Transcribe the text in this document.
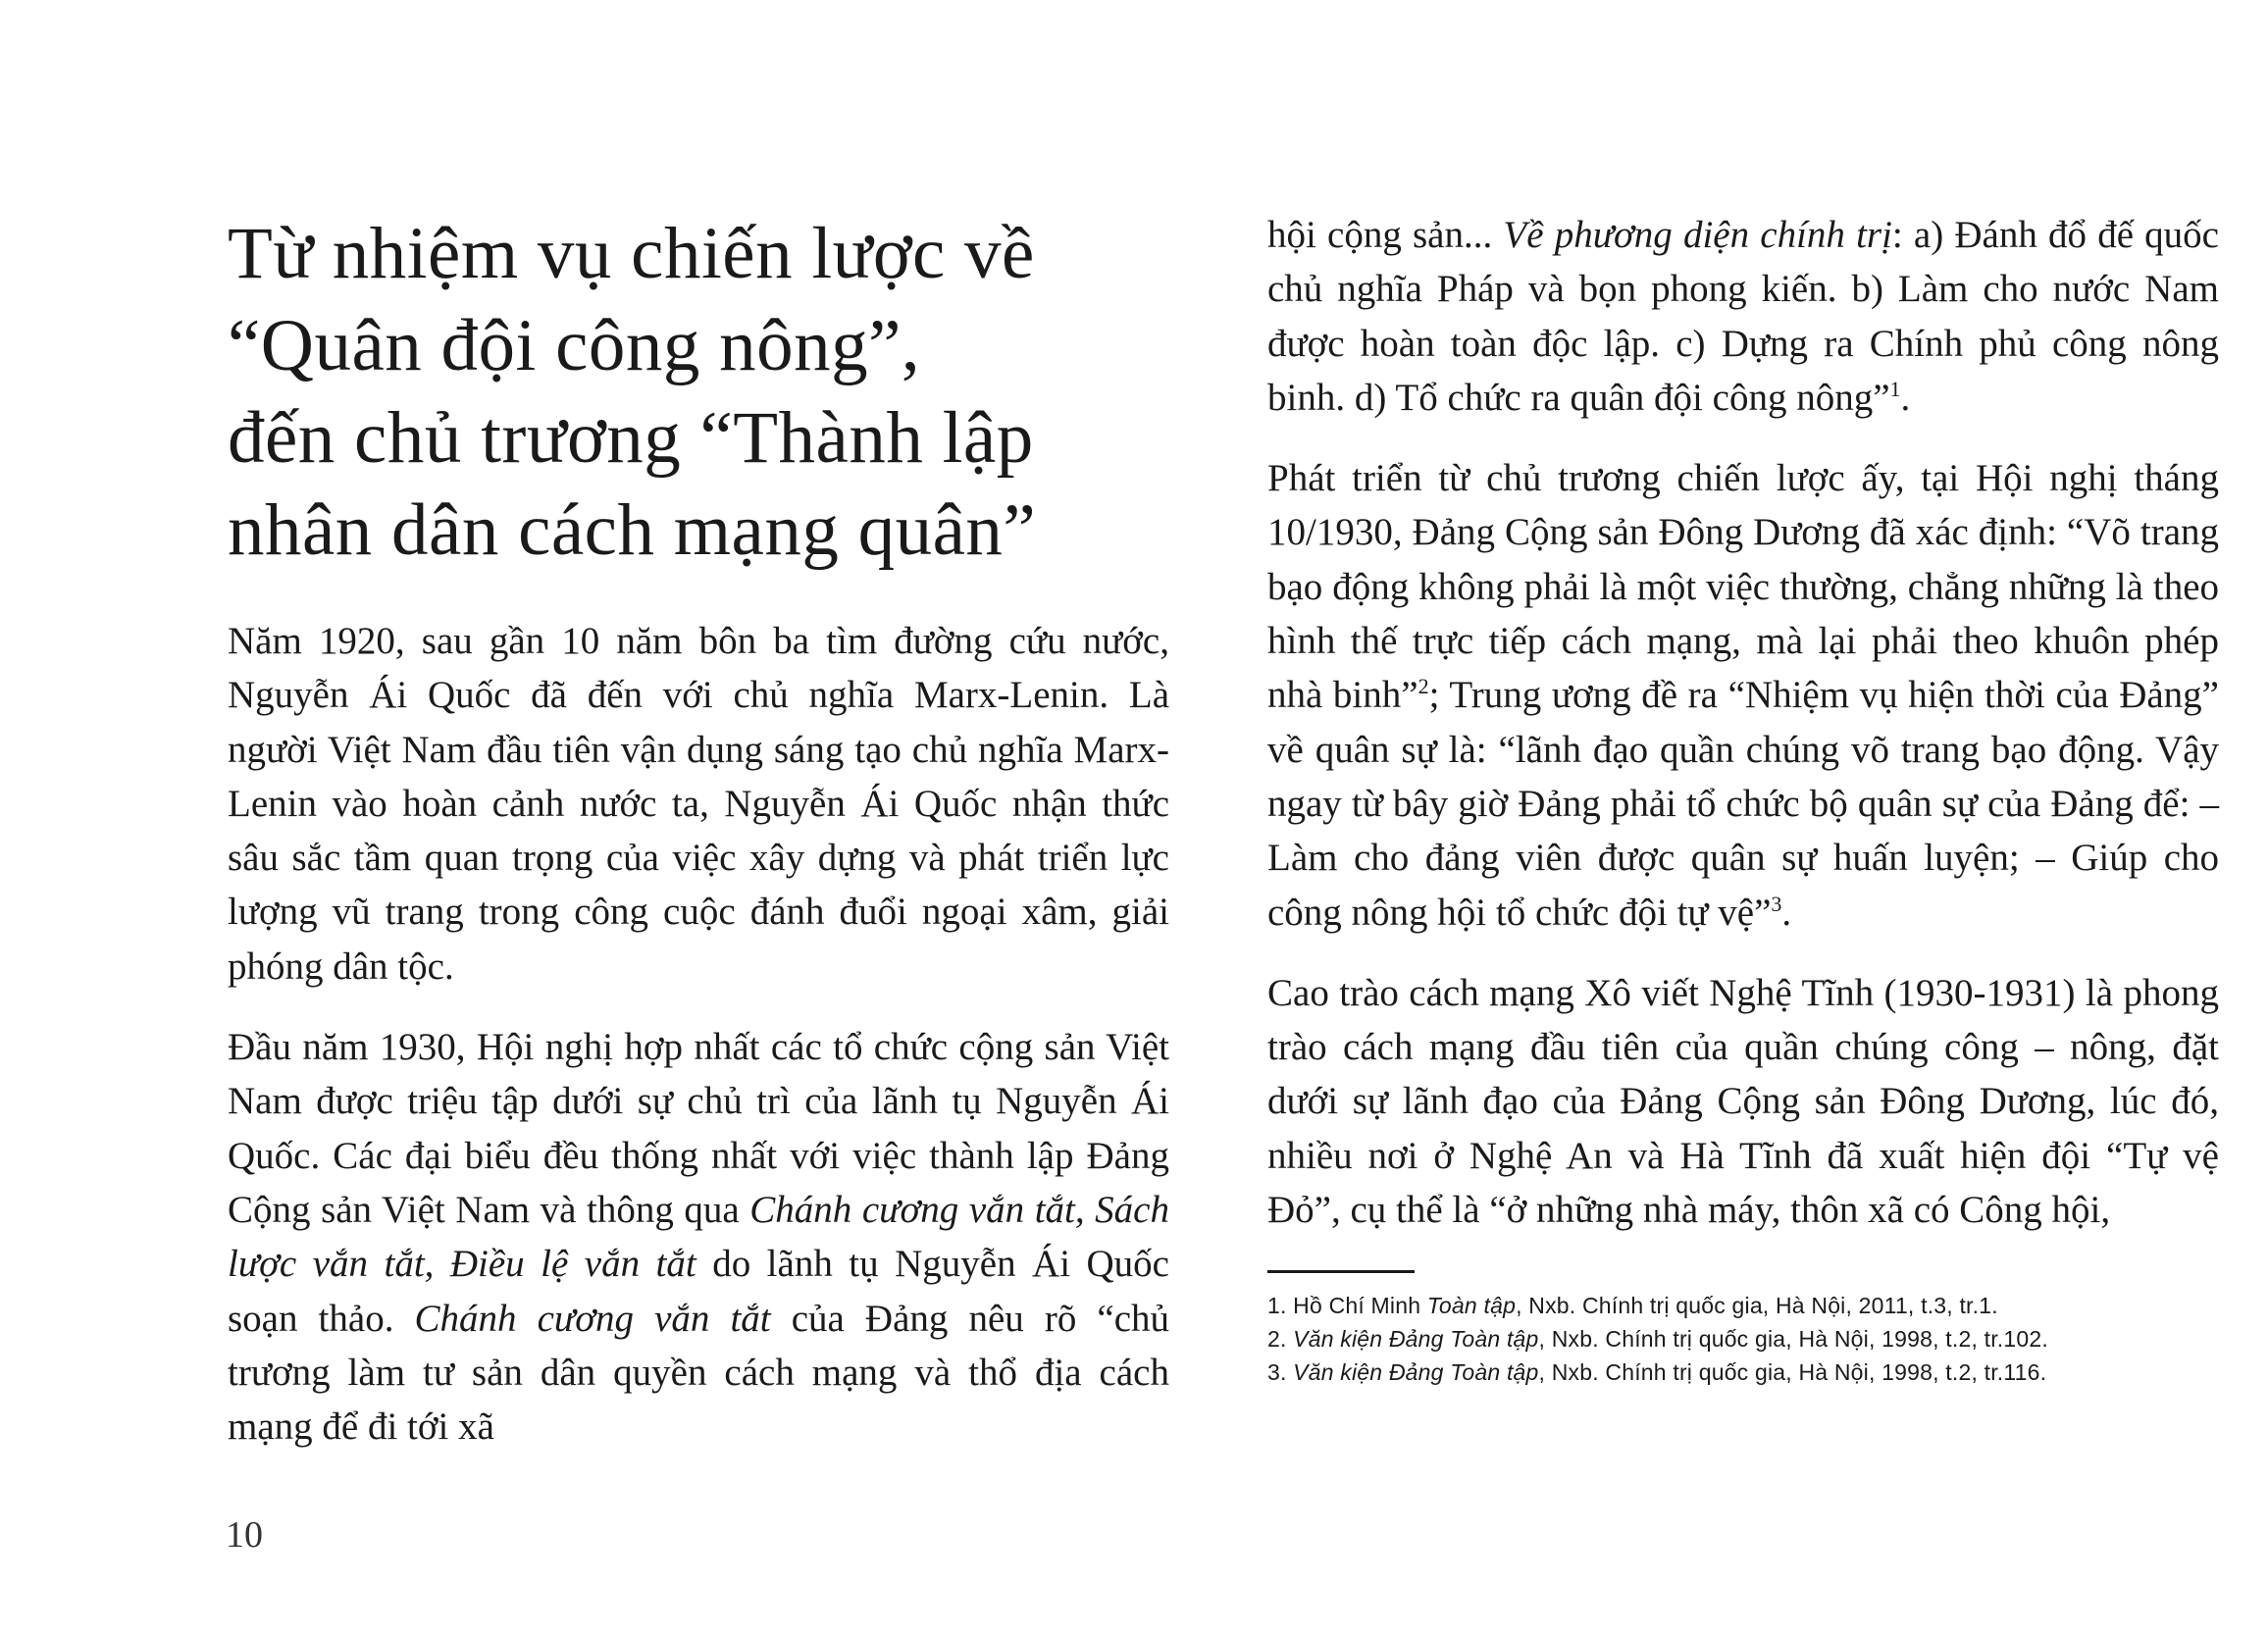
Từ nhiệm vụ chiến lược về
“Quân đội công nông”,
đến chủ trương “Thành lập
nhân dân cách mạng quân”

Năm 1920, sau gần 10 năm bôn ba tìm đường cứu nước, Nguyễn Ái Quốc đã đến với chủ nghĩa Marx-Lenin. Là người Việt Nam đầu tiên vận dụng sáng tạo chủ nghĩa Marx-Lenin vào hoàn cảnh nước ta, Nguyễn Ái Quốc nhận thức sâu sắc tầm quan trọng của việc xây dựng và phát triển lực lượng vũ trang trong công cuộc đánh đuổi ngoại xâm, giải phóng dân tộc.

Đầu năm 1930, Hội nghị hợp nhất các tổ chức cộng sản Việt Nam được triệu tập dưới sự chủ trì của lãnh tụ Nguyễn Ái Quốc. Các đại biểu đều thống nhất với việc thành lập Đảng Cộng sản Việt Nam và thông qua Chánh cương vắn tắt, Sách lược vắn tắt, Điều lệ vắn tắt do lãnh tụ Nguyễn Ái Quốc soạn thảo. Chánh cương vắn tắt của Đảng nêu rõ “chủ trương làm tư sản dân quyền cách mạng và thổ địa cách mạng để đi tới xã

hội cộng sản... Về phương diện chính trị: a) Đánh đổ đế quốc chủ nghĩa Pháp và bọn phong kiến. b) Làm cho nước Nam được hoàn toàn độc lập. c) Dựng ra Chính phủ công nông binh. d) Tổ chức ra quân đội công nông”$^1$.

Phát triển từ chủ trương chiến lược ấy, tại Hội nghị tháng 10/1930, Đảng Cộng sản Đông Dương đã xác định: “Võ trang bạo động không phải là một việc thường, chẳng những là theo hình thế trực tiếp cách mạng, mà lại phải theo khuôn phép nhà binh”$^2$; Trung ương đề ra “Nhiệm vụ hiện thời của Đảng” về quân sự là: “lãnh đạo quần chúng võ trang bạo động. Vậy ngay từ bây giờ Đảng phải tổ chức bộ quân sự của Đảng để: – Làm cho đảng viên được quân sự huấn luyện; – Giúp cho công nông hội tổ chức đội tự vệ”$^3$.

Cao trào cách mạng Xô viết Nghệ Tĩnh (1930-1931) là phong trào cách mạng đầu tiên của quần chúng công – nông, đặt dưới sự lãnh đạo của Đảng Cộng sản Đông Dương, lúc đó, nhiều nơi ở Nghệ An và Hà Tĩnh đã xuất hiện đội “Tự vệ Đỏ”, cụ thể là “ở những nhà máy, thôn xã có Công hội,

1. Hồ Chí Minh Toàn tập, Nxb. Chính trị quốc gia, Hà Nội, 2011, t.3, tr.1.
2. Văn kiện Đảng Toàn tập, Nxb. Chính trị quốc gia, Hà Nội, 1998, t.2, tr.102.
3. Văn kiện Đảng Toàn tập, Nxb. Chính trị quốc gia, Hà Nội, 1998, t.2, tr.116.
10
